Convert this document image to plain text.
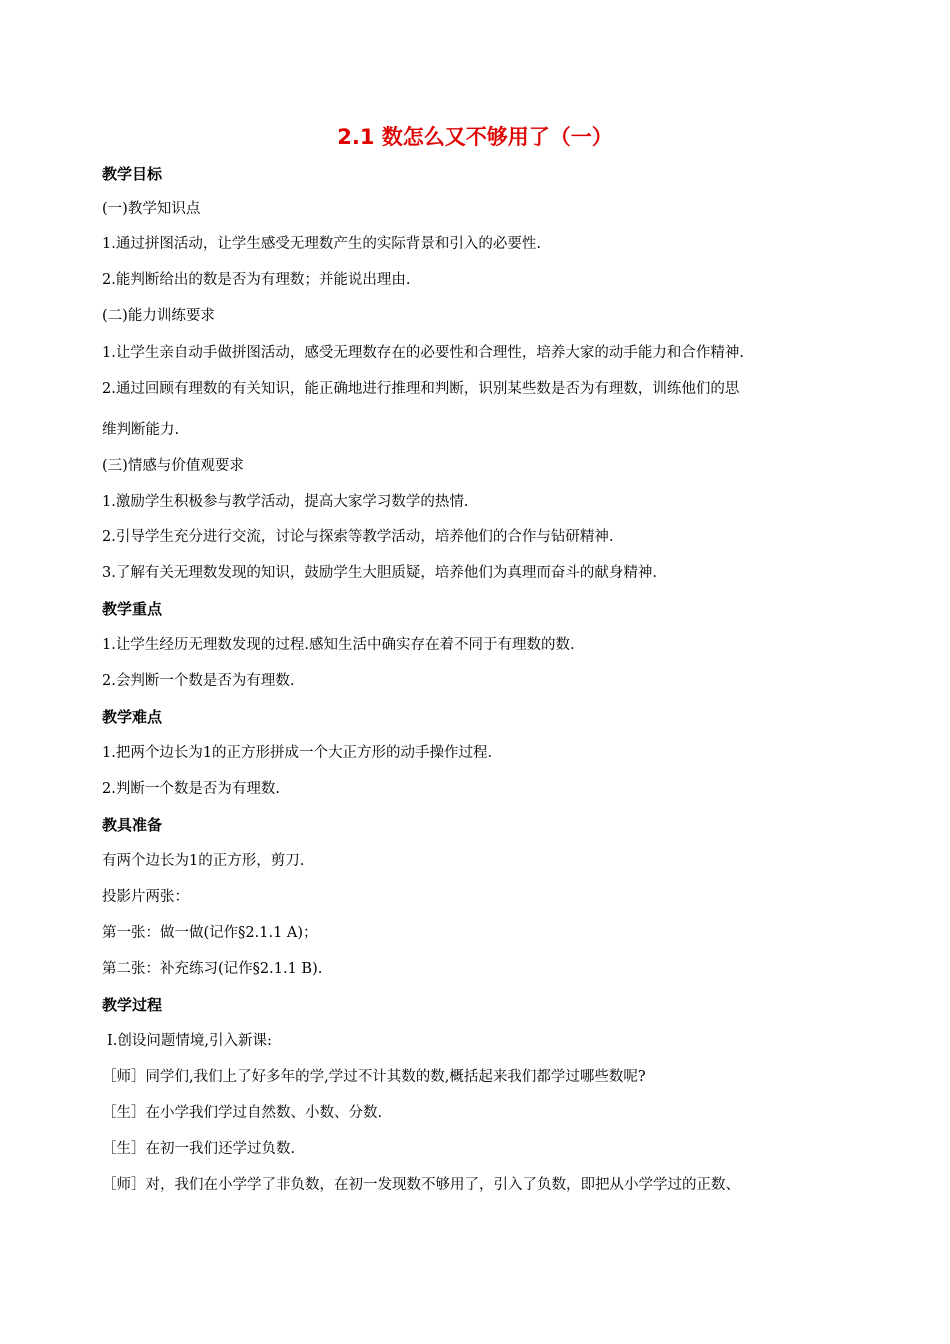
2.1 数怎么又不够用了（一）
教学目标
(一)教学知识点
1.通过拼图活动，让学生感受无理数产生的实际背景和引入的必要性.
2.能判断给出的数是否为有理数；并能说出理由.
(二)能力训练要求
1.让学生亲自动手做拼图活动，感受无理数存在的必要性和合理性，培养大家的动手能力和合作精神.
2.通过回顾有理数的有关知识，能正确地进行推理和判断，识别某些数是否为有理数，训练他们的思
维判断能力.
(三)情感与价值观要求
1.激励学生积极参与教学活动，提高大家学习数学的热情.
2.引导学生充分进行交流，讨论与探索等教学活动，培养他们的合作与钻研精神.
3.了解有关无理数发现的知识，鼓励学生大胆质疑，培养他们为真理而奋斗的献身精神.
教学重点
1.让学生经历无理数发现的过程.感知生活中确实存在着不同于有理数的数.
2.会判断一个数是否为有理数.
教学难点
1.把两个边长为1的正方形拼成一个大正方形的动手操作过程.
2.判断一个数是否为有理数.
教具准备
有两个边长为1的正方形，剪刀.
投影片两张：
第一张：做一做(记作§2.1.1 A)；
第二张：补充练习(记作§2.1.1 B).
教学过程
Ⅰ.创设问题情境,引入新课:
［师］同学们,我们上了好多年的学,学过不计其数的数,概括起来我们都学过哪些数呢?
［生］在小学我们学过自然数、小数、分数.
［生］在初一我们还学过负数.
［师］对，我们在小学学了非负数，在初一发现数不够用了，引入了负数，即把从小学学过的正数、
